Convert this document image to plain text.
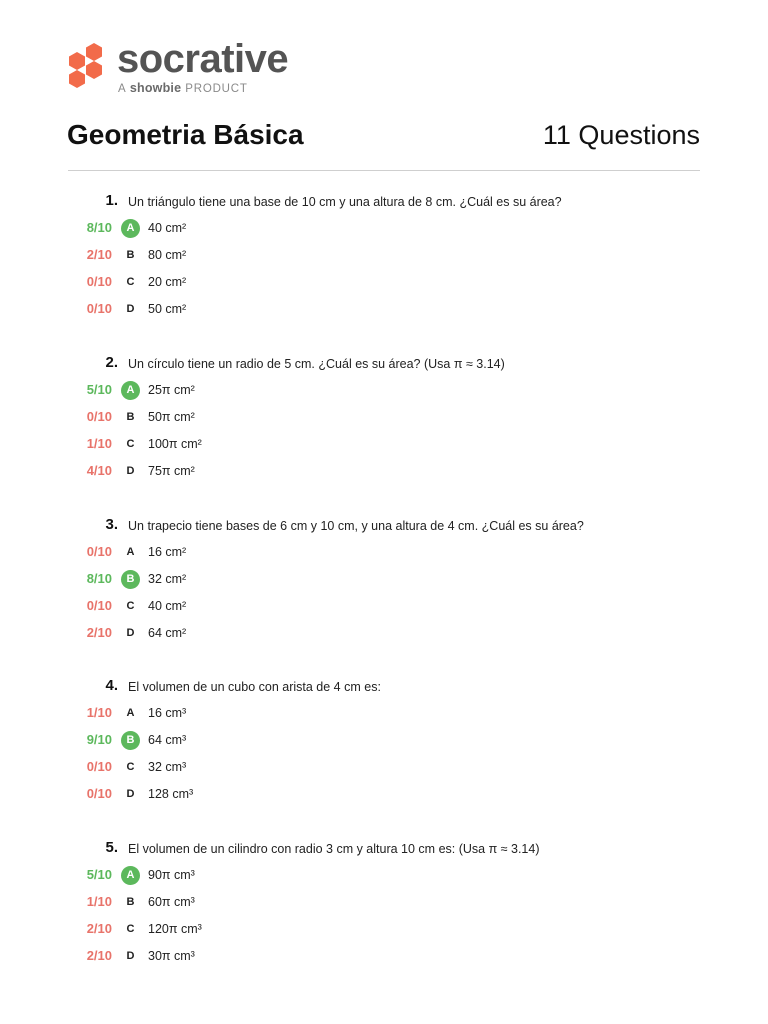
socrative
A showbie PRODUCT
Geometria Básica	11 Questions
1. Un triángulo tiene una base de 10 cm y una altura de 8 cm. ¿Cuál es su área?
8/10	A	40 cm²
2/10	B	80 cm²
0/10	C	20 cm²
0/10	D	50 cm²
2. Un círculo tiene un radio de 5 cm. ¿Cuál es su área? (Usa π ≈ 3.14)
5/10	A	25π cm²
0/10	B	50π cm²
1/10	C	100π cm²
4/10	D	75π cm²
3. Un trapecio tiene bases de 6 cm y 10 cm, y una altura de 4 cm. ¿Cuál es su área?
0/10	A	16 cm²
8/10	B	32 cm²
0/10	C	40 cm²
2/10	D	64 cm²
4. El volumen de un cubo con arista de 4 cm es:
1/10	A	16 cm³
9/10	B	64 cm³
0/10	C	32 cm³
0/10	D	128 cm³
5. El volumen de un cilindro con radio 3 cm y altura 10 cm es: (Usa π ≈ 3.14)
5/10	A	90π cm³
1/10	B	60π cm³
2/10	C	120π cm³
2/10	D	30π cm³
